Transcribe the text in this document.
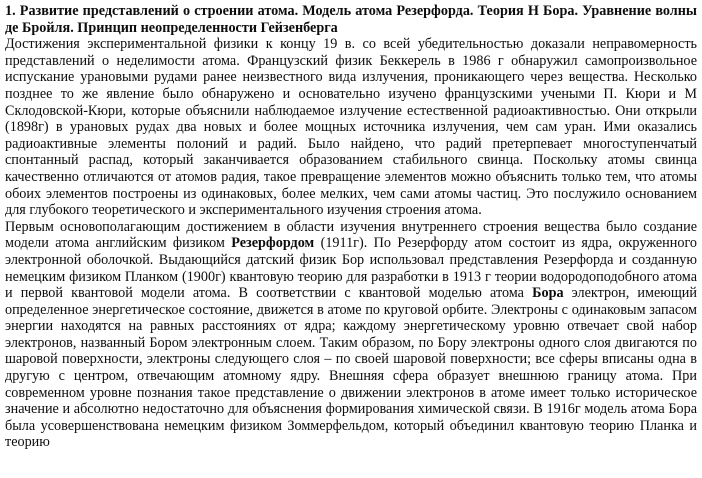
1. Развитие представлений о строении атома. Модель атома Резерфорда. Теория Н Бора. Уравнение волны де Бройля. Принцип неопределенности Гейзенберга

Достижения экспериментальной физики к концу 19 в. со всей убедительностью доказали неправомерность представлений о неделимости атома. Французский физик Беккерель в 1986 г обнаружил самопроизвольное испускание урановыми рудами ранее неизвестного вида излучения, проникающего через вещества. Несколько позднее то же явление было обнаружено и основательно изучено французскими учеными П. Кюри и М Склодовской-Кюри, которые объяснили наблюдаемое излучение естественной радиоактивностью. Они открыли (1898г) в урановых рудах два новых и более мощных источника излучения, чем сам уран. Ими оказались радиоактивные элементы полоний и радий. Было найдено, что радий претерпевает многоступенчатый спонтанный распад, который заканчивается образованием стабильного свинца. Поскольку атомы свинца качественно отличаются от атомов радия, такое превращение элементов можно объяснить только тем, что атомы обоих элементов построены из одинаковых, более мелких, чем сами атомы частиц. Это послужило основанием для глубокого теоретического и экспериментального изучения строения атома.

Первым основополагающим достижением в области изучения внутреннего строения вещества было создание модели атома английским физиком Резерфордом (1911г). По Резерфорду атом состоит из ядра, окруженного электронной оболочкой. Выдающийся датский физик Бор использовал представления Резерфорда и созданную немецким физиком Планком (1900г) квантовую теорию для разработки в 1913 г теории водородоподобного атома и первой квантовой модели атома. В соответствии с квантовой моделью атома Бора электрон, имеющий определенное энергетическое состояние, движется в атоме по круговой орбите. Электроны с одинаковым запасом энергии находятся на равных расстояниях от ядра; каждому энергетическому уровню отвечает свой набор электронов, названный Бором электронным слоем. Таким образом, по Бору электроны одного слоя двигаются по шаровой поверхности, электроны следующего слоя – по своей шаровой поверхности; все сферы вписаны одна в другую с центром, отвечающим атомному ядру. Внешняя сфера образует внешнюю границу атома. При современном уровне познания такое представление о движении электронов в атоме имеет только историческое значение и абсолютно недостаточно для объяснения формирования химической связи. В 1916г модель атома Бора была усовершенствована немецким физиком Зоммерфельдом, который объединил квантовую теорию Планка и теорию
